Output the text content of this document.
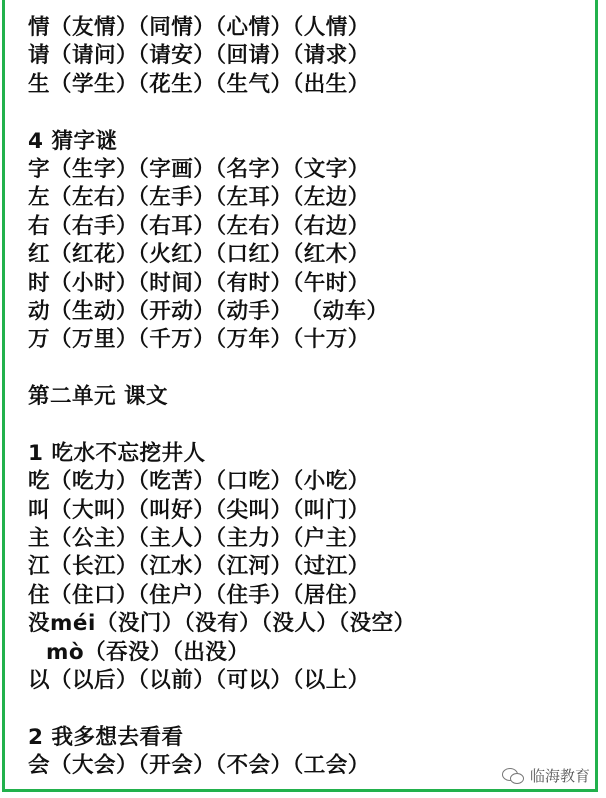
情（友情）（同情）（心情）（人情）
请（请问）（请安）（回请）（请求）
生（学生）（花生）（生气）（出生）
4 猜字谜
字（生字）（字画）（名字）（文字）
左（左右）（左手）（左耳）（左边）
右（右手）（右耳）（左右）（右边）
红（红花）（火红）（口红）（红木）
时（小时）（时间）（有时）（午时）
动（生动）（开动）（动手） （动车）
万（万里）（千万）（万年）（十万）
第二单元 课文
1 吃水不忘挖井人
吃（吃力）（吃苦）（口吃）（小吃）
叫（大叫）（叫好）（尖叫）（叫门）
主（公主）（主人）（主力）（户主）
江（长江）（江水）（江河）（过江）
住（住口）（住户）（住手）（居住）
没méi（没门）（没有）（没人）（没空）
mò（吞没）（出没）
以（以后）（以前）（可以）（以上）
2 我多想去看看
会（大会）（开会）（不会）（工会）	临海教育
